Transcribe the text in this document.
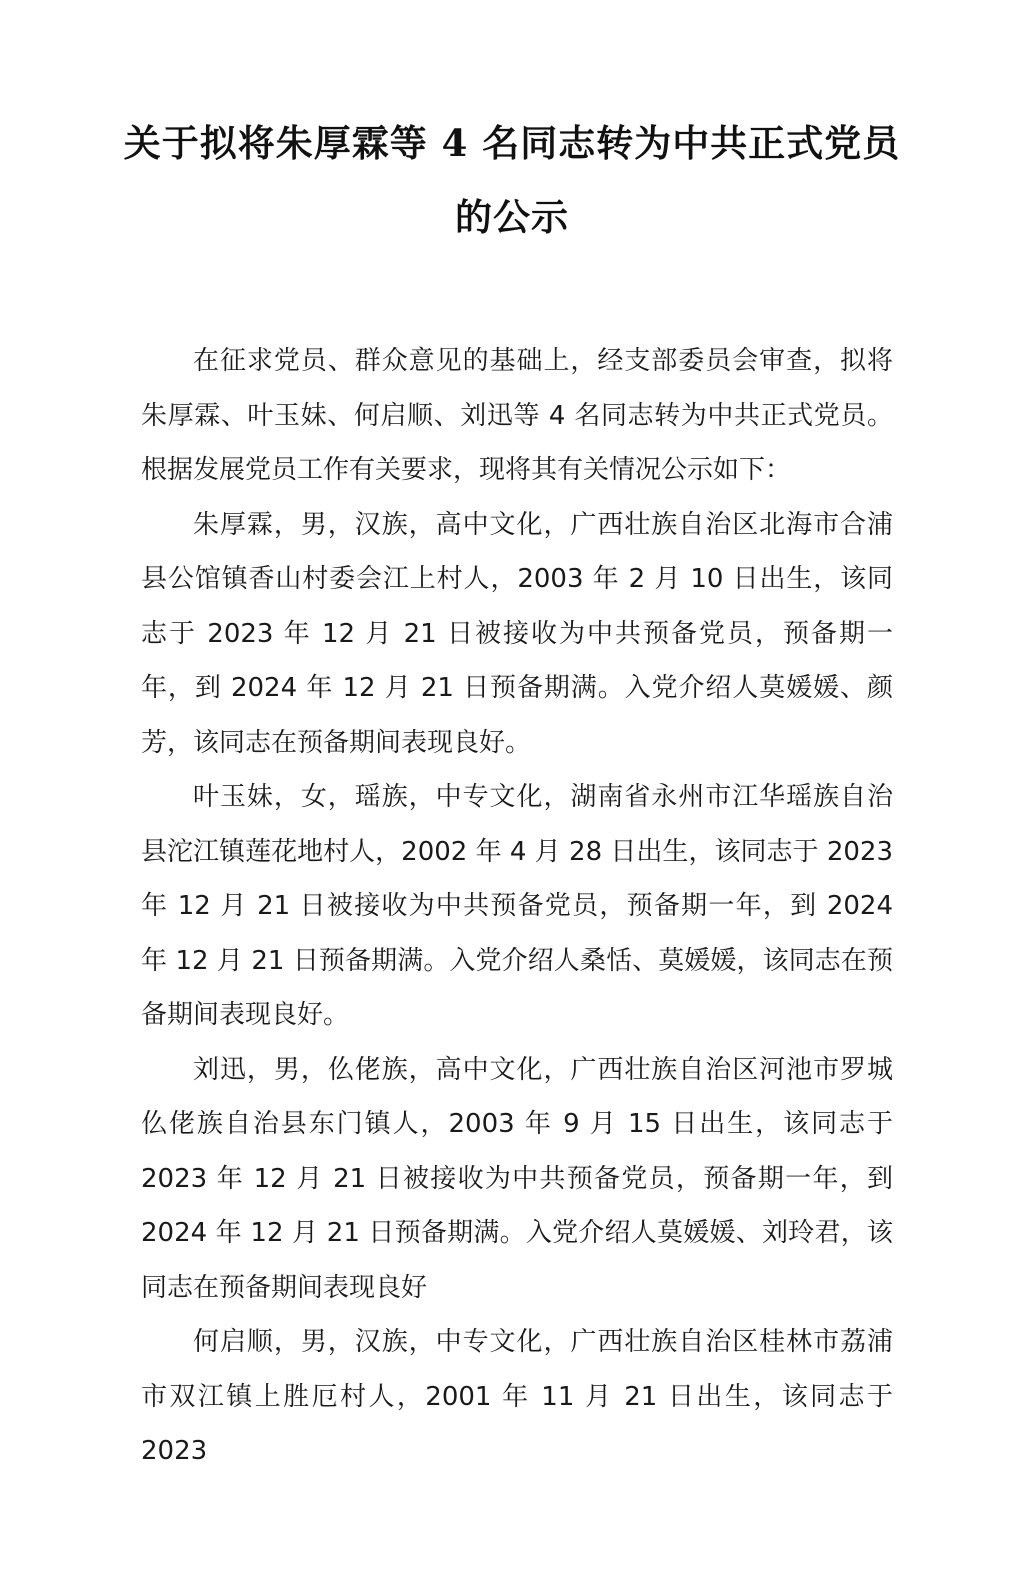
关于拟将朱厚霖等 4 名同志转为中共正式党员
的公示

在征求党员、群众意见的基础上，经支部委员会审查，拟将朱厚霖、叶玉妹、何启顺、刘迅等 4 名同志转为中共正式党员。根据发展党员工作有关要求，现将其有关情况公示如下：

朱厚霖，男，汉族，高中文化，广西壮族自治区北海市合浦县公馆镇香山村委会江上村人，2003 年 2 月 10 日出生，该同志于 2023 年 12 月 21 日被接收为中共预备党员，预备期一年，到 2024 年 12 月 21 日预备期满。入党介绍人莫媛媛、颜芳，该同志在预备期间表现良好。

叶玉妹，女，瑶族，中专文化，湖南省永州市江华瑶族自治县沱江镇莲花地村人，2002 年 4 月 28 日出生，该同志于 2023 年 12 月 21 日被接收为中共预备党员，预备期一年，到 2024 年 12 月 21 日预备期满。入党介绍人桑恬、莫媛媛，该同志在预备期间表现良好。

刘迅，男，仫佬族，高中文化，广西壮族自治区河池市罗城仫佬族自治县东门镇人，2003 年 9 月 15 日出生，该同志于 2023 年 12 月 21 日被接收为中共预备党员，预备期一年，到 2024 年 12 月 21 日预备期满。入党介绍人莫媛媛、刘玲君，该同志在预备期间表现良好

何启顺，男，汉族，中专文化，广西壮族自治区桂林市荔浦市双江镇上胜厄村人，2001 年 11 月 21 日出生，该同志于 2023
